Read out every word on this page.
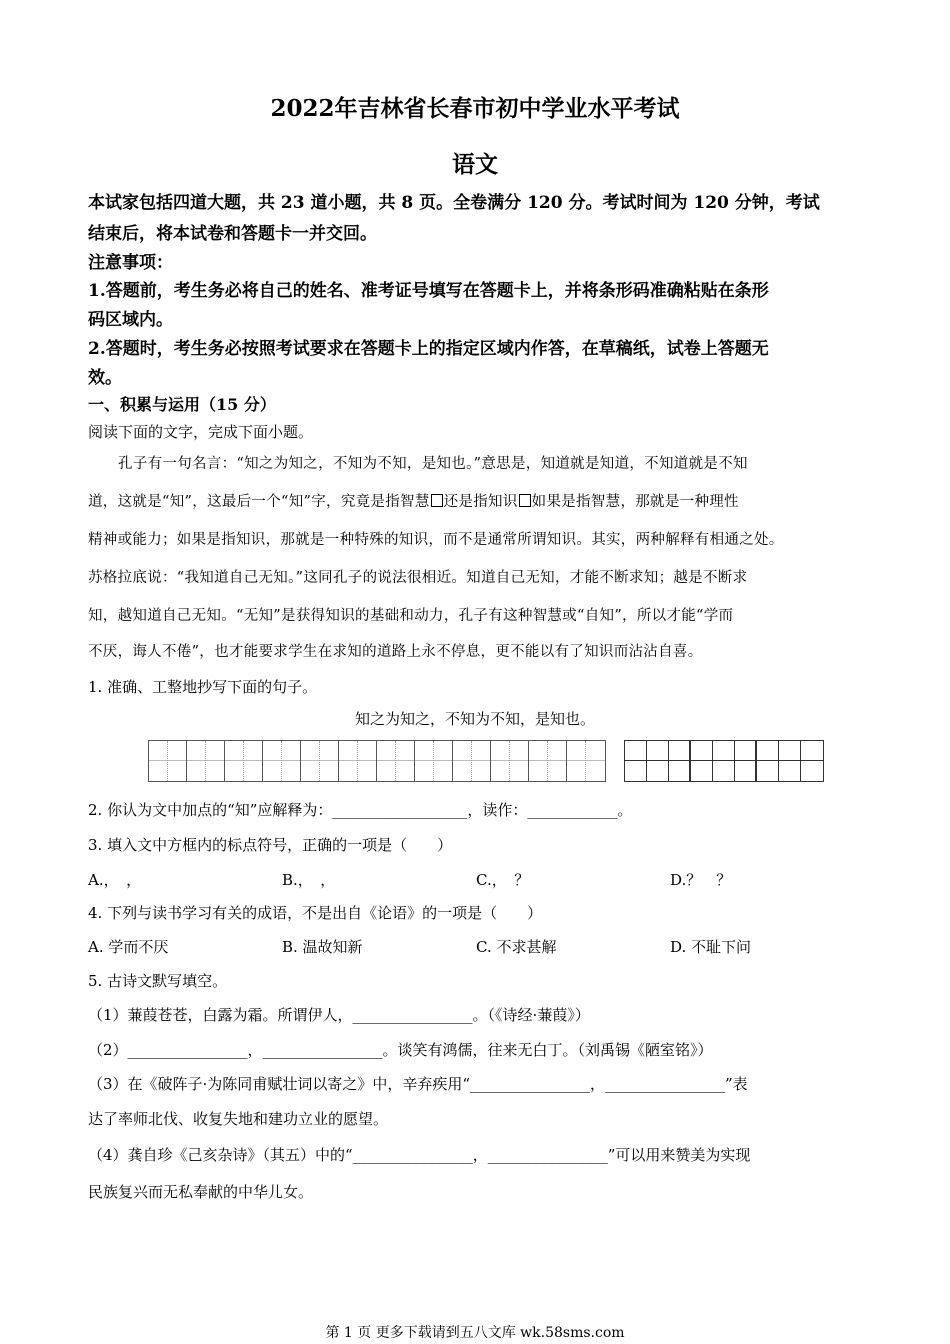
2022年吉林省长春市初中学业水平考试
语文
本试家包括四道大题，共 23 道小题，共 8 页。全卷满分 120 分。考试时间为 120 分钟，考试
结束后，将本试卷和答题卡一并交回。
注意事项：
1.答题前，考生务必将自己的姓名、准考证号填写在答题卡上，并将条形码准确粘贴在条形
码区域内。
2.答题时，考生务必按照考试要求在答题卡上的指定区域内作答，在草稿纸，试卷上答题无
效。
一、积累与运用（15 分）
阅读下面的文字，完成下面小题。
孔子有一句名言：“知之为知之，不知为不知，是知也。”意思是，知道就是知道，不知道就是不知
道，这就是“知”，这最后一个“知”字，究竟是指智慧 还是指知识 如果是指智慧，那就是一种理性
精神或能力；如果是指知识，那就是一种特殊的知识，而不是通常所谓知识。其实，两种解释有相通之处。
苏格拉底说：“我知道自己无知。”这同孔子的说法很相近。知道自己无知，才能不断求知；越是不断求
知，越知道自己无知。“无知”是获得知识的基础和动力，孔子有这种智慧或“自知”，所以才能“学而
不厌，诲人不倦”，也才能要求学生在求知的道路上永不停息，更不能以有了知识而沾沾自喜。
1. 准确、工整地抄写下面的句子。
知之为知之，不知为不知，是知也。
2. 你认为文中加点的“知”应解释为：__________________，读作：____________。
3. 填入文中方框内的标点符号，正确的一项是（　　）
A.，　，	B.，　，	C.，　？	D.？　？
4. 下列与读书学习有关的成语，不是出自《论语》的一项是（　　）
A. 学而不厌	B. 温故知新	C. 不求甚解	D. 不耻下问
5. 古诗文默写填空。
（1）蒹葭苍苍，白露为霜。所谓伊人，________________。（《诗经·蒹葭》）
（2）________________，________________。谈笑有鸿儒，往来无白丁。（刘禹锡《陋室铭》）
（3）在《破阵子·为陈同甫赋壮词以寄之》中，辛弃疾用“________________，________________”表
达了率师北伐、收复失地和建功立业的愿望。
（4）龚自珍《己亥杂诗》（其五）中的“________________，________________”可以用来赞美为实现
民族复兴而无私奉献的中华儿女。
第 1 页 更多下载请到五八文库 wk.58sms.com
